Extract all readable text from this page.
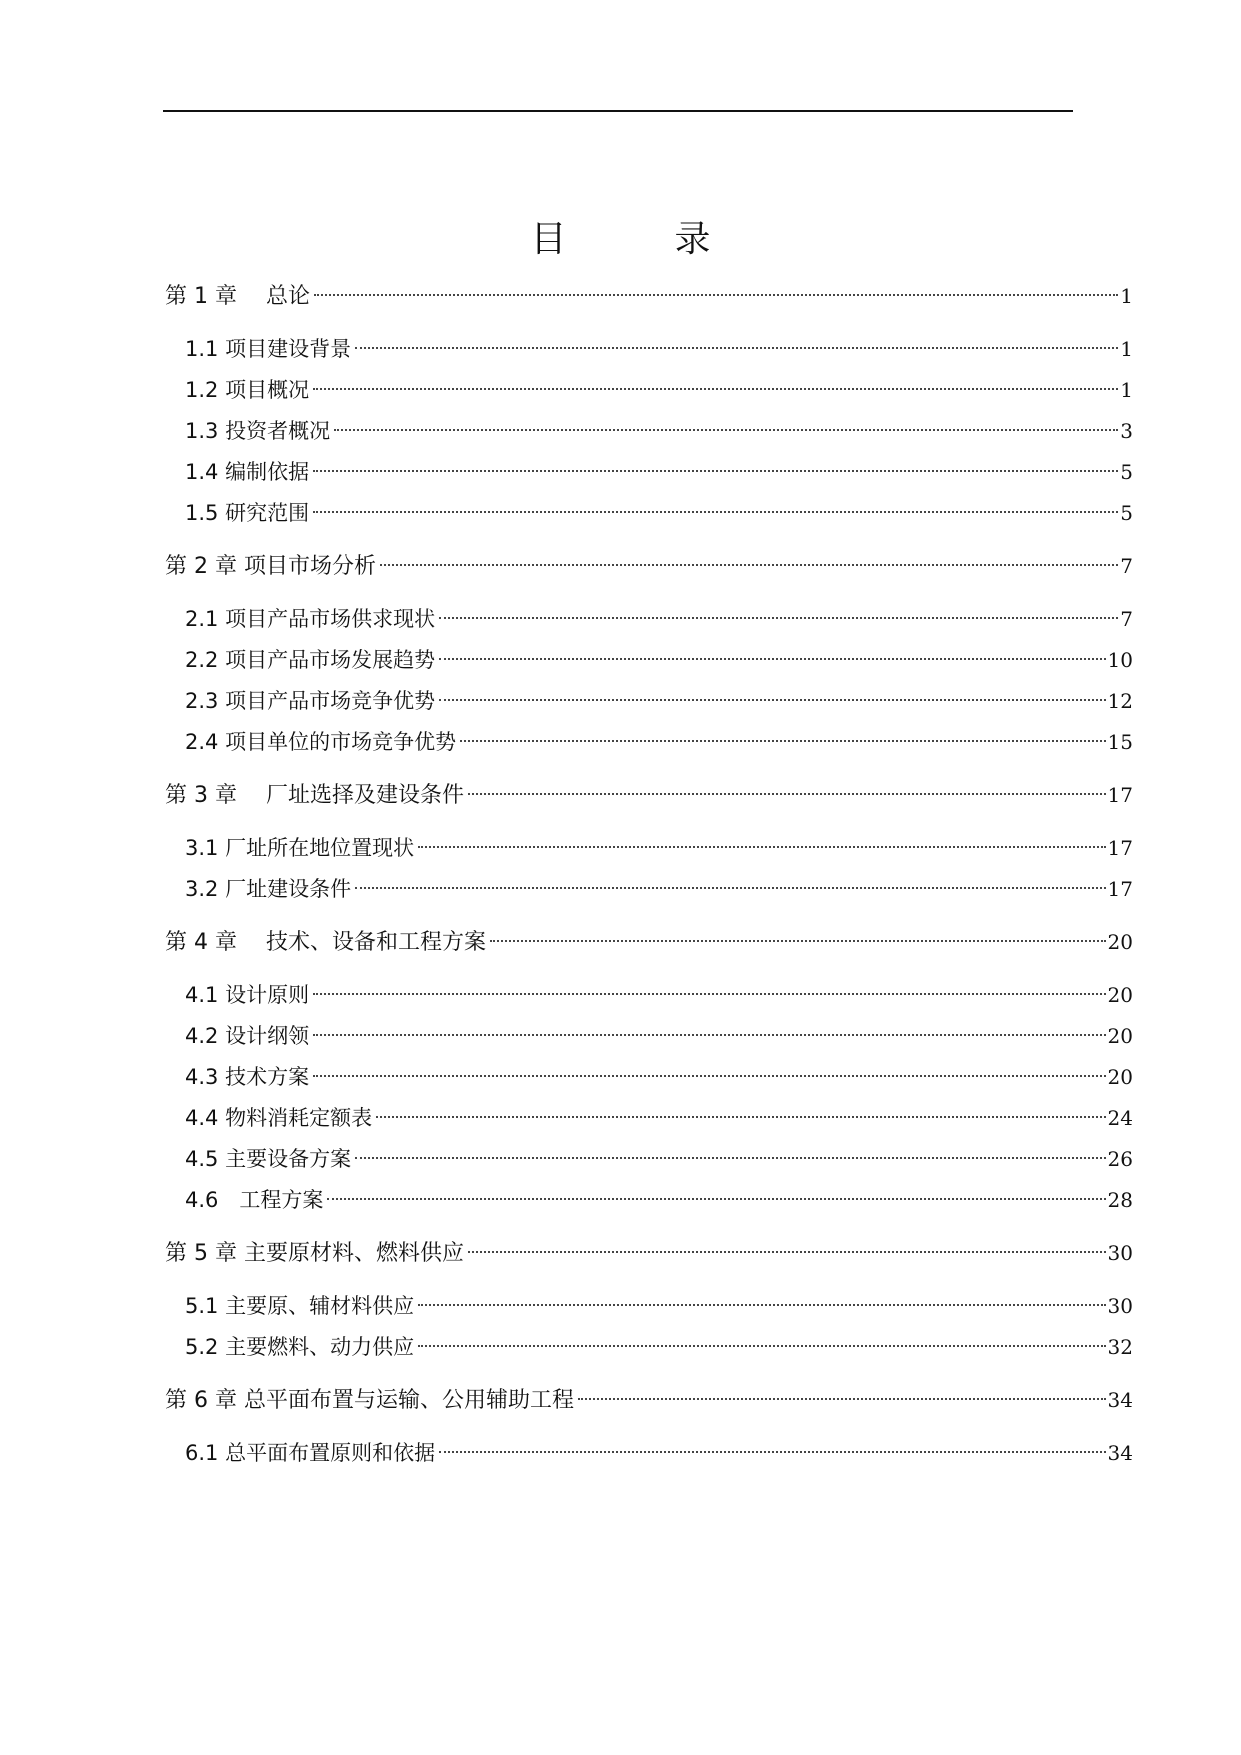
目　录
第 1 章　 总论	1
1.1 项目建设背景	1
1.2 项目概况	1
1.3 投资者概况	3
1.4 编制依据	5
1.5 研究范围	5
第 2 章 项目市场分析	7
2.1 项目产品市场供求现状	7
2.2 项目产品市场发展趋势	10
2.3 项目产品市场竞争优势	12
2.4 项目单位的市场竞争优势	15
第 3 章　 厂址选择及建设条件	17
3.1 厂址所在地位置现状	17
3.2 厂址建设条件	17
第 4 章　 技术、设备和工程方案	20
4.1 设计原则	20
4.2 设计纲领	20
4.3 技术方案	20
4.4 物料消耗定额表	24
4.5 主要设备方案	26
4.6　工程方案	28
第 5 章 主要原材料、燃料供应	30
5.1 主要原、辅材料供应	30
5.2 主要燃料、动力供应	32
第 6 章 总平面布置与运输、公用辅助工程	34
6.1 总平面布置原则和依据	34
